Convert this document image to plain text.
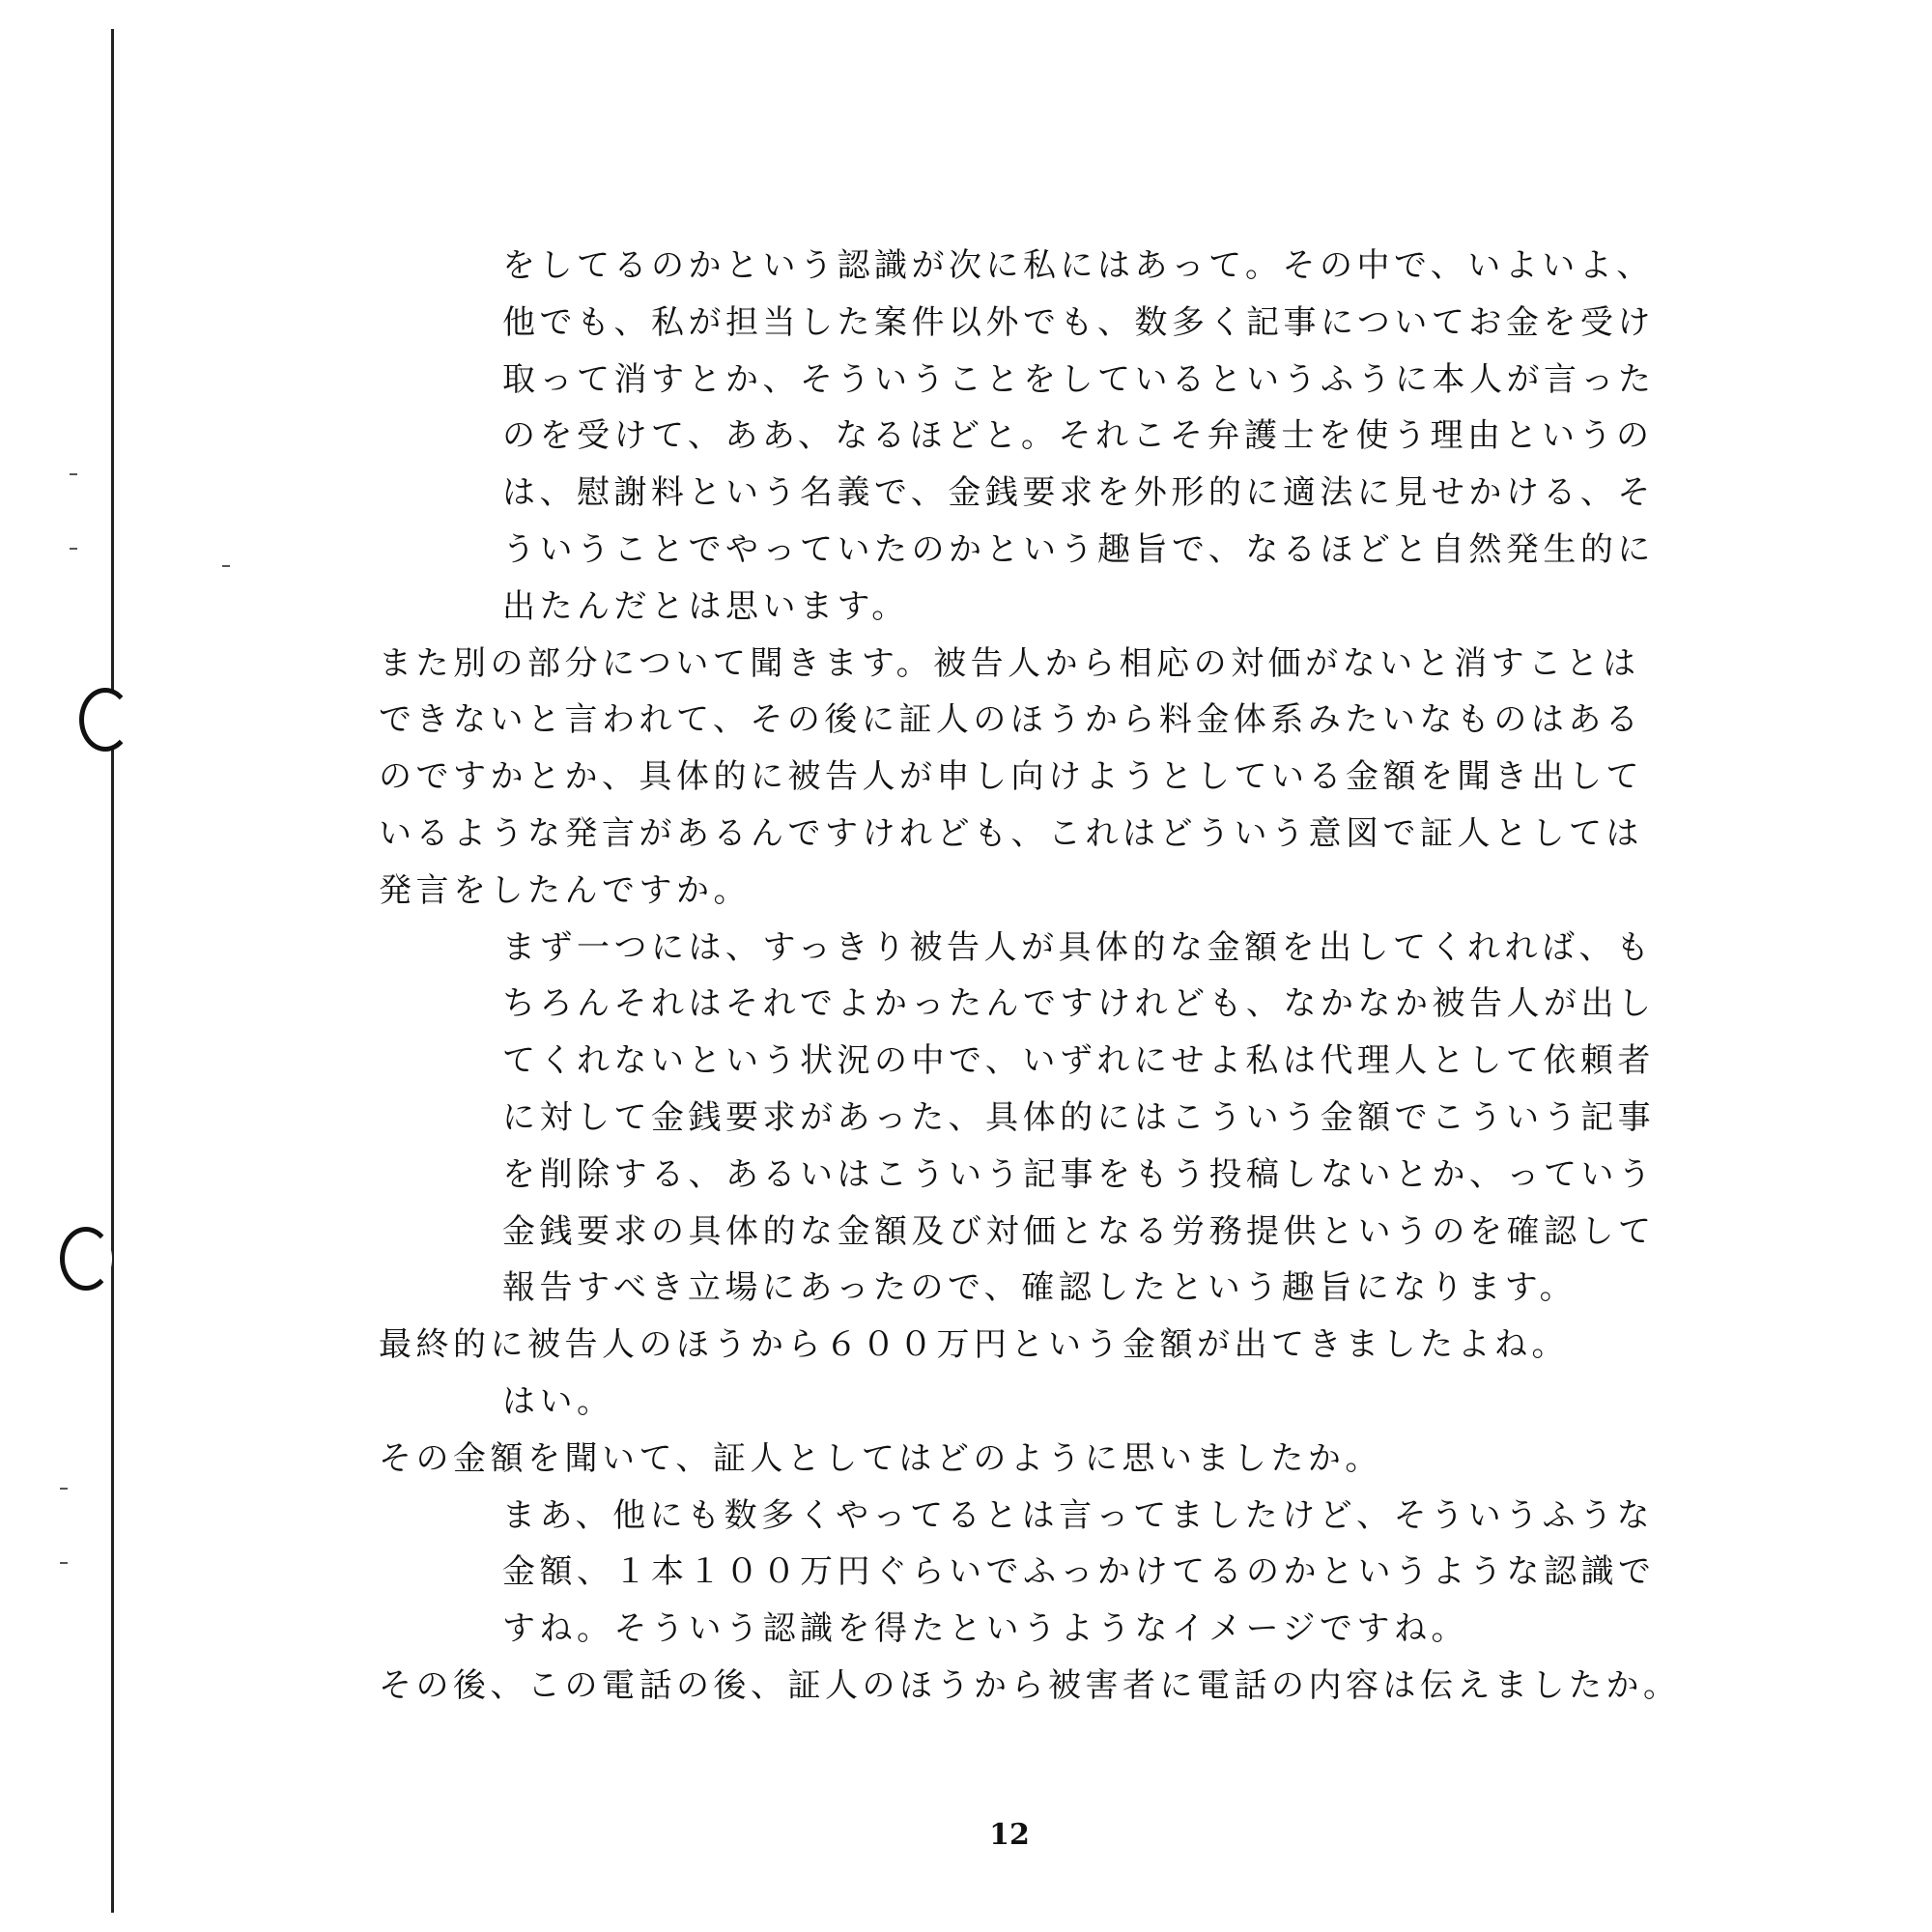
をしてるのかという認識が次に私にはあって。その中で、いよいよ、
他でも、私が担当した案件以外でも、数多く記事についてお金を受け
取って消すとか、そういうことをしているというふうに本人が言った
のを受けて、ああ、なるほどと。それこそ弁護士を使う理由というの
は、慰謝料という名義で、金銭要求を外形的に適法に見せかける、そ
ういうことでやっていたのかという趣旨で、なるほどと自然発生的に
出たんだとは思います。
また別の部分について聞きます。被告人から相応の対価がないと消すことは
できないと言われて、その後に証人のほうから料金体系みたいなものはある
のですかとか、具体的に被告人が申し向けようとしている金額を聞き出して
いるような発言があるんですけれども、これはどういう意図で証人としては
発言をしたんですか。
まず一つには、すっきり被告人が具体的な金額を出してくれれば、も
ちろんそれはそれでよかったんですけれども、なかなか被告人が出し
てくれないという状況の中で、いずれにせよ私は代理人として依頼者
に対して金銭要求があった、具体的にはこういう金額でこういう記事
を削除する、あるいはこういう記事をもう投稿しないとか、っていう
金銭要求の具体的な金額及び対価となる労務提供というのを確認して
報告すべき立場にあったので、確認したという趣旨になります。
最終的に被告人のほうから６００万円という金額が出てきましたよね。
はい。
その金額を聞いて、証人としてはどのように思いましたか。
まあ、他にも数多くやってるとは言ってましたけど、そういうふうな
金額、１本１００万円ぐらいでふっかけてるのかというような認識で
すね。そういう認識を得たというようなイメージですね。
その後、この電話の後、証人のほうから被害者に電話の内容は伝えましたか。
12
